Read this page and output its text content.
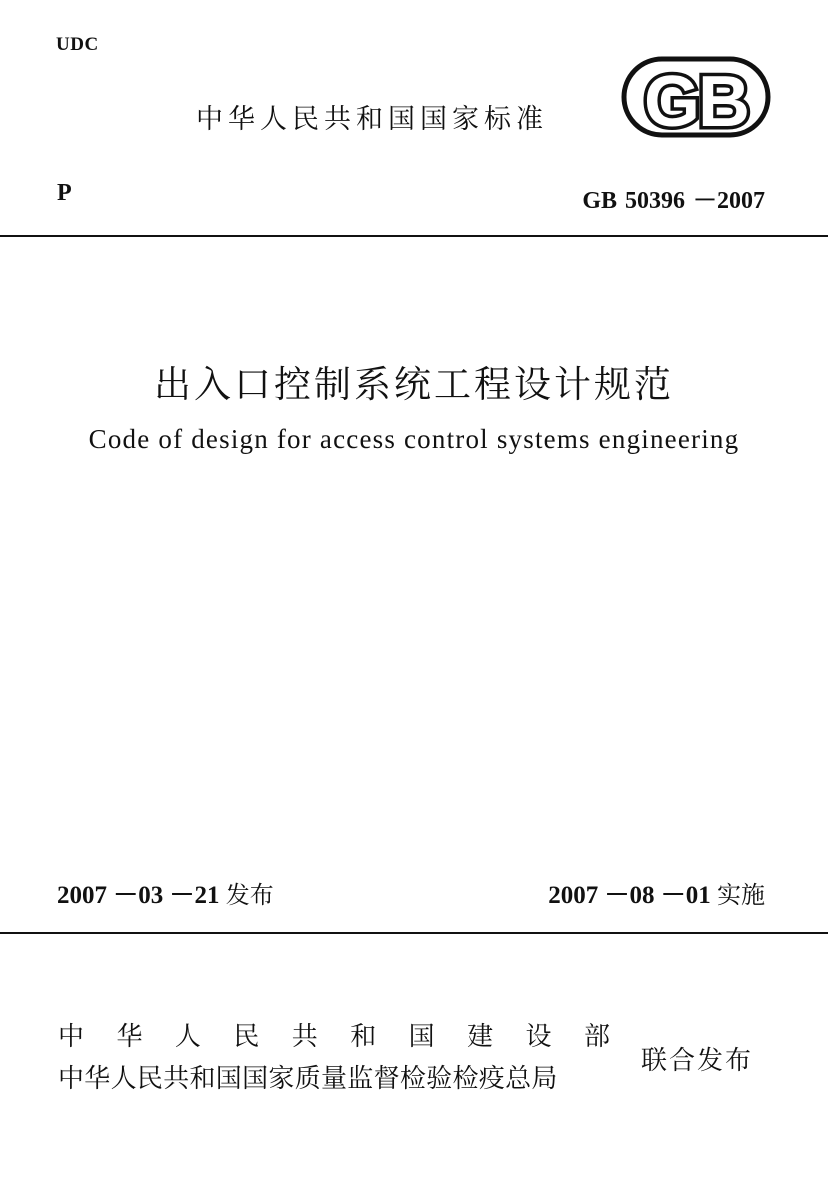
UDC
中华人民共和国国家标准 GB
P	GB 50396 －2007
出入口控制系统工程设计规范
Code of design for access control systems engineering
2007 －03 －21 发布	2007 －08 －01 实施
中 华 人 民 共 和 国 建 设 部
中华人民共和国国家质量监督检验检疫总局
联合发布
